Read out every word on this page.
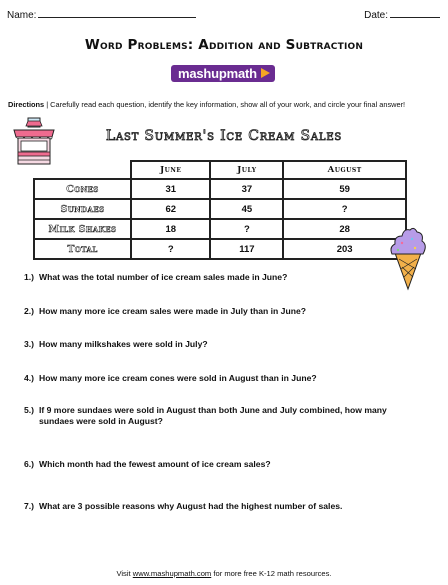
Name:	Date:
Word Problems: Addition and Subtraction
mashupmath
Directions | Carefully read each question, identify the key information, show all of your work, and circle your final answer!
Last Summer's Ice Cream Sales
	June	July	August
Cones	31	37	59
Sundaes	62	45	?
Milk Shakes	18	?	28
Total	?	117	203
1.) What was the total number of ice cream sales made in June?
2.) How many more ice cream sales were made in July than in June?
3.) How many milkshakes were sold in July?
4.) How many more ice cream cones were sold in August than in June?
5.) If 9 more sundaes were sold in August than both June and July combined, how many
sundaes were sold in August?
6.) Which month had the fewest amount of ice cream sales?
7.) What are 3 possible reasons why August had the highest number of sales.
Visit www.mashupmath.com for more free K-12 math resources.
